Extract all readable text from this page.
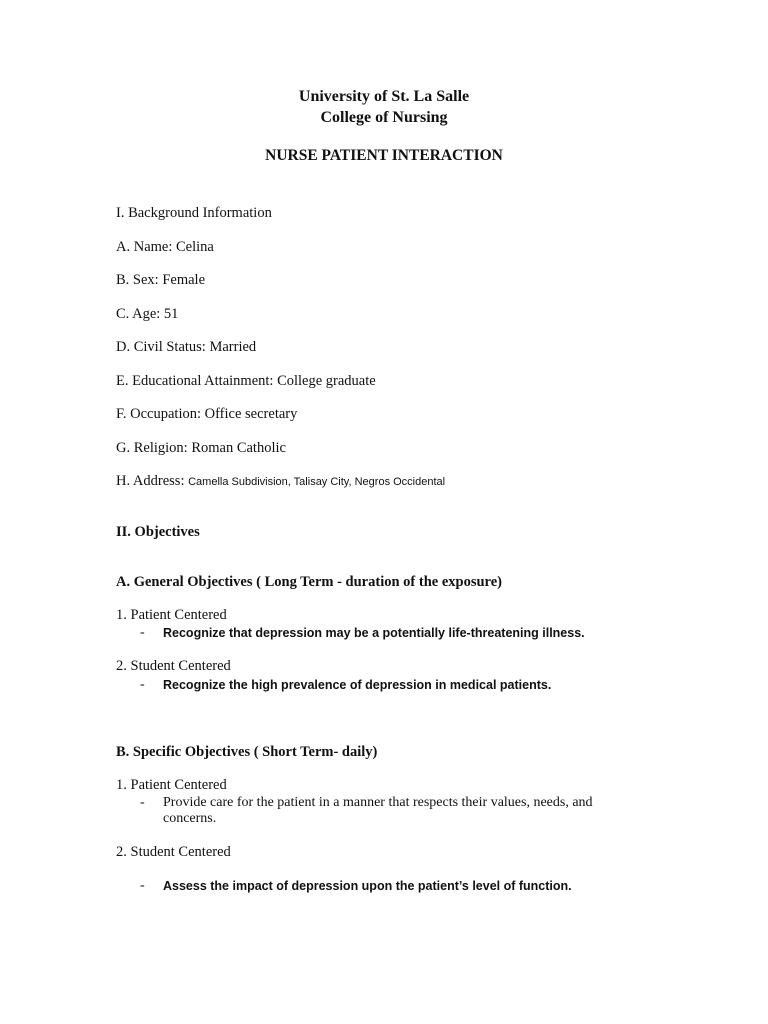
University of St. La Salle
College of Nursing
NURSE PATIENT INTERACTION
I. Background Information
A. Name: Celina
B. Sex: Female
C. Age: 51
D. Civil Status: Married
E. Educational Attainment: College graduate
F. Occupation: Office secretary
G. Religion: Roman Catholic
H. Address: Camella Subdivision, Talisay City, Negros Occidental
II. Objectives
A. General Objectives ( Long Term - duration of the exposure)
1. Patient Centered
- Recognize that depression may be a potentially life-threatening illness.
2. Student Centered
- Recognize the high prevalence of depression in medical patients.
B. Specific Objectives ( Short Term- daily)
1. Patient Centered
- Provide care for the patient in a manner that respects their values, needs, and
concerns.
2. Student Centered
- Assess the impact of depression upon the patient’s level of function.
